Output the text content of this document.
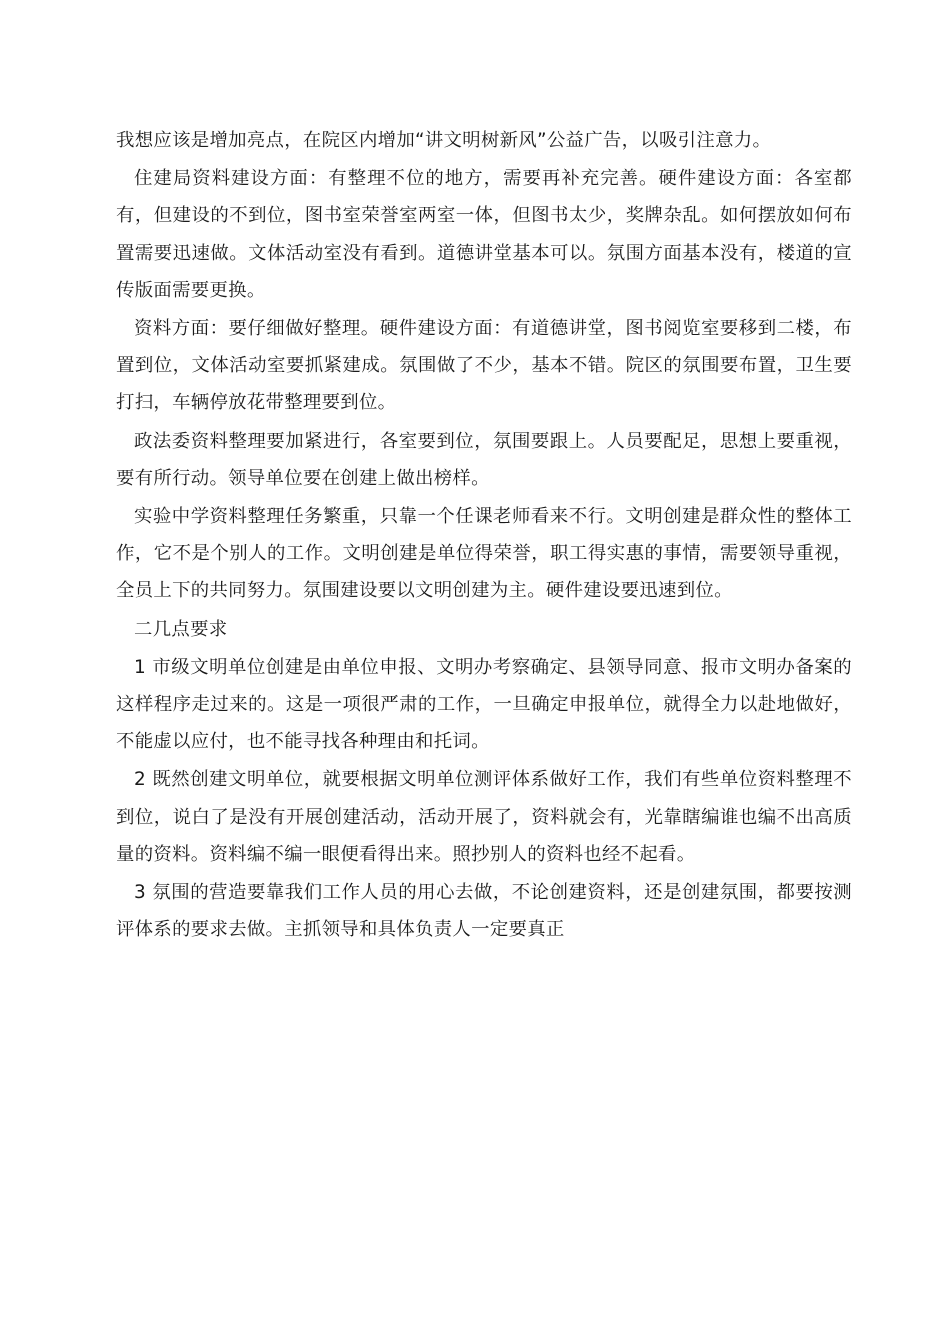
我想应该是增加亮点，在院区内增加“讲文明树新风”公益广告，以吸引注意力。

住建局资料建设方面：有整理不位的地方，需要再补充完善。硬件建设方面：各室都有，但建设的不到位，图书室荣誉室两室一体，但图书太少，奖牌杂乱。如何摆放如何布置需要迅速做。文体活动室没有看到。道德讲堂基本可以。氛围方面基本没有，楼道的宣传版面需要更换。

资料方面：要仔细做好整理。硬件建设方面：有道德讲堂，图书阅览室要移到二楼，布置到位，文体活动室要抓紧建成。氛围做了不少，基本不错。院区的氛围要布置，卫生要打扫，车辆停放花带整理要到位。

政法委资料整理要加紧进行，各室要到位，氛围要跟上。人员要配足，思想上要重视，要有所行动。领导单位要在创建上做出榜样。

实验中学资料整理任务繁重，只靠一个任课老师看来不行。文明创建是群众性的整体工作，它不是个别人的工作。文明创建是单位得荣誉，职工得实惠的事情，需要领导重视，全员上下的共同努力。氛围建设要以文明创建为主。硬件建设要迅速到位。

二几点要求

1 市级文明单位创建是由单位申报、文明办考察确定、县领导同意、报市文明办备案的这样程序走过来的。这是一项很严肃的工作，一旦确定申报单位，就得全力以赴地做好，不能虚以应付，也不能寻找各种理由和托词。

2 既然创建文明单位，就要根据文明单位测评体系做好工作，我们有些单位资料整理不到位，说白了是没有开展创建活动，活动开展了，资料就会有，光靠瞎编谁也编不出高质量的资料。资料编不编一眼便看得出来。照抄别人的资料也经不起看。

3 氛围的营造要靠我们工作人员的用心去做，不论创建资料，还是创建氛围，都要按测评体系的要求去做。主抓领导和具体负责人一定要真正
